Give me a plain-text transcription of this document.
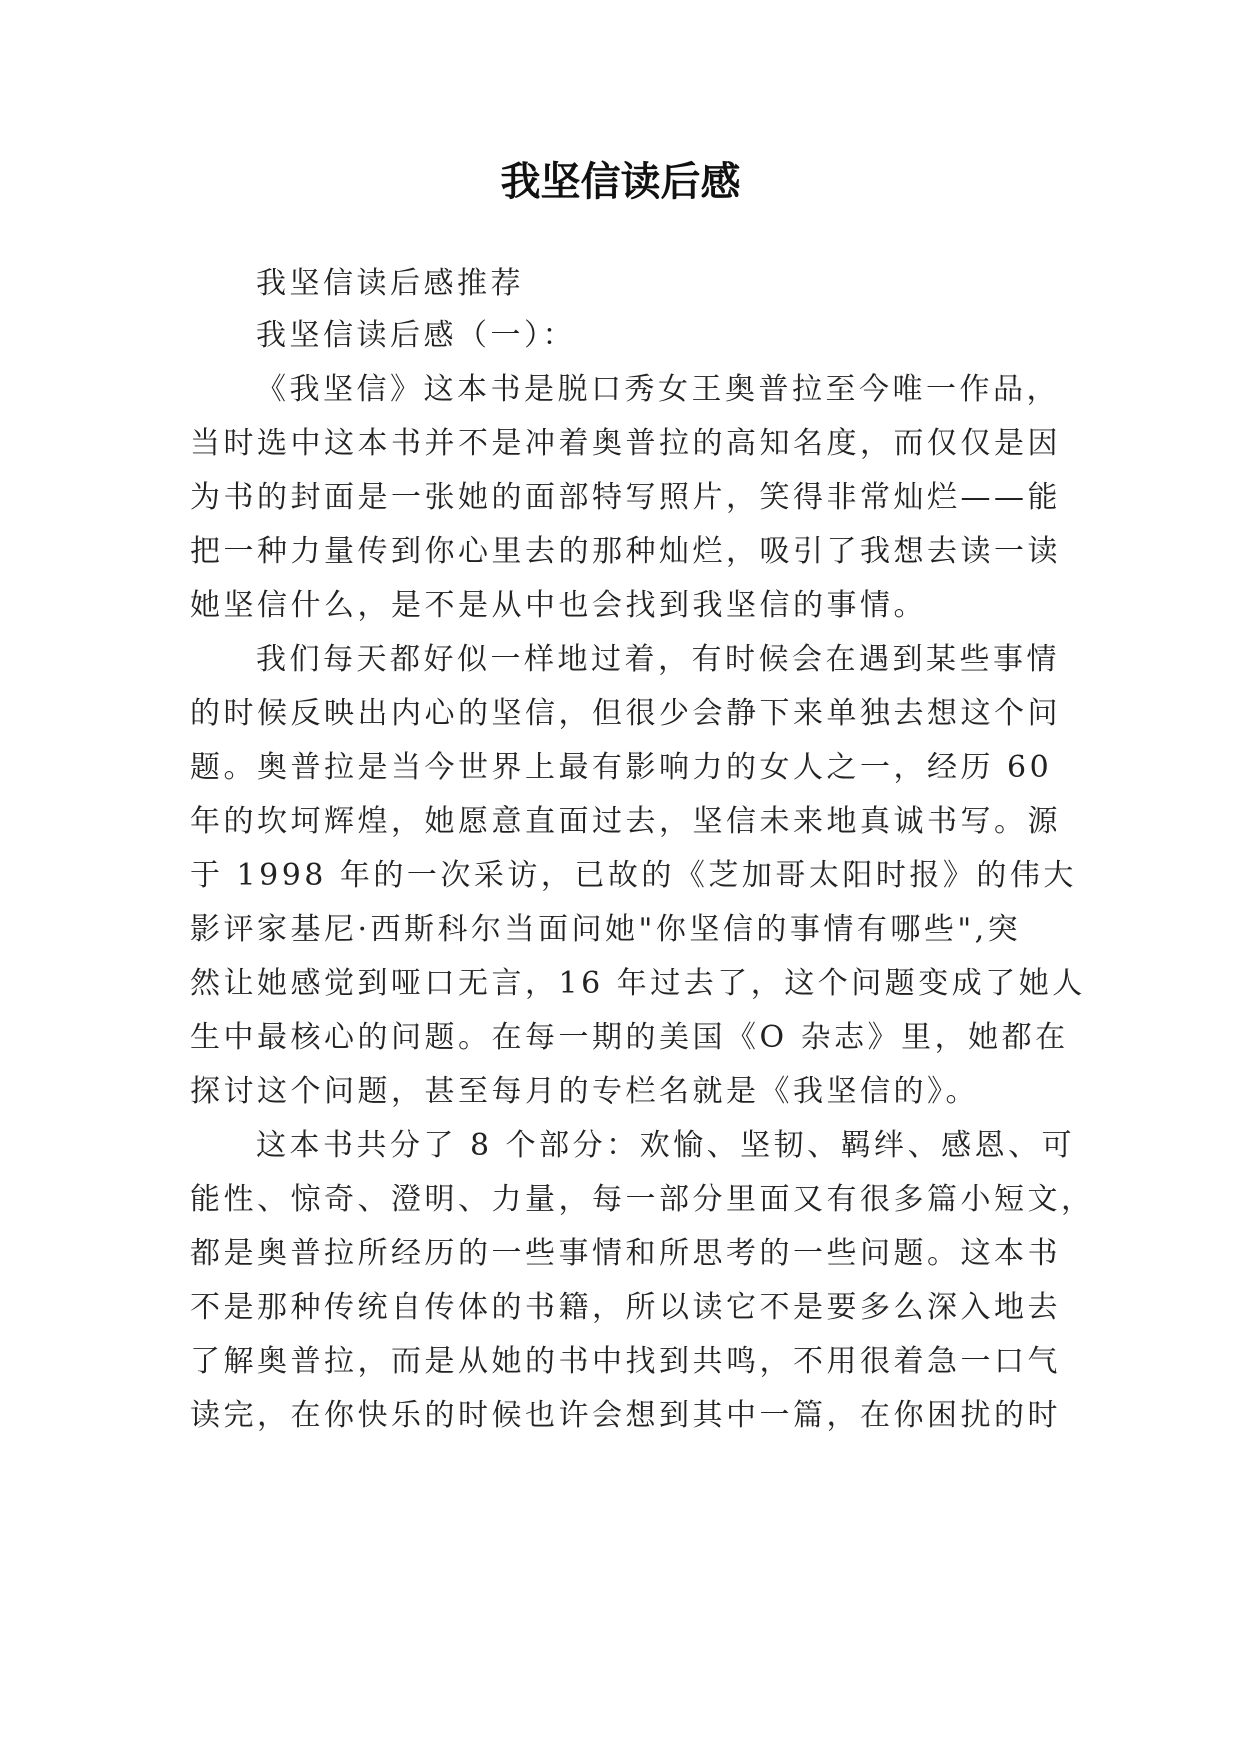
我坚信读后感
我坚信读后感推荐
我坚信读后感（一）：
《我坚信》这本书是脱口秀女王奥普拉至今唯一作品，
当时选中这本书并不是冲着奥普拉的高知名度，而仅仅是因
为书的封面是一张她的面部特写照片，笑得非常灿烂——能
把一种力量传到你心里去的那种灿烂，吸引了我想去读一读
她坚信什么，是不是从中也会找到我坚信的事情。
我们每天都好似一样地过着，有时候会在遇到某些事情
的时候反映出内心的坚信，但很少会静下来单独去想这个问
题。奥普拉是当今世界上最有影响力的女人之一，经历 60
年的坎坷辉煌，她愿意直面过去，坚信未来地真诚书写。源
于 1998 年的一次采访，已故的《芝加哥太阳时报》的伟大
影评家基尼·西斯科尔当面问她"你坚信的事情有哪些",突
然让她感觉到哑口无言，16 年过去了，这个问题变成了她人
生中最核心的问题。在每一期的美国《O 杂志》里，她都在
探讨这个问题，甚至每月的专栏名就是《我坚信的》。
这本书共分了 8 个部分：欢愉、坚韧、羁绊、感恩、可
能性、惊奇、澄明、力量，每一部分里面又有很多篇小短文，
都是奥普拉所经历的一些事情和所思考的一些问题。这本书
不是那种传统自传体的书籍，所以读它不是要多么深入地去
了解奥普拉，而是从她的书中找到共鸣，不用很着急一口气
读完，在你快乐的时候也许会想到其中一篇，在你困扰的时
